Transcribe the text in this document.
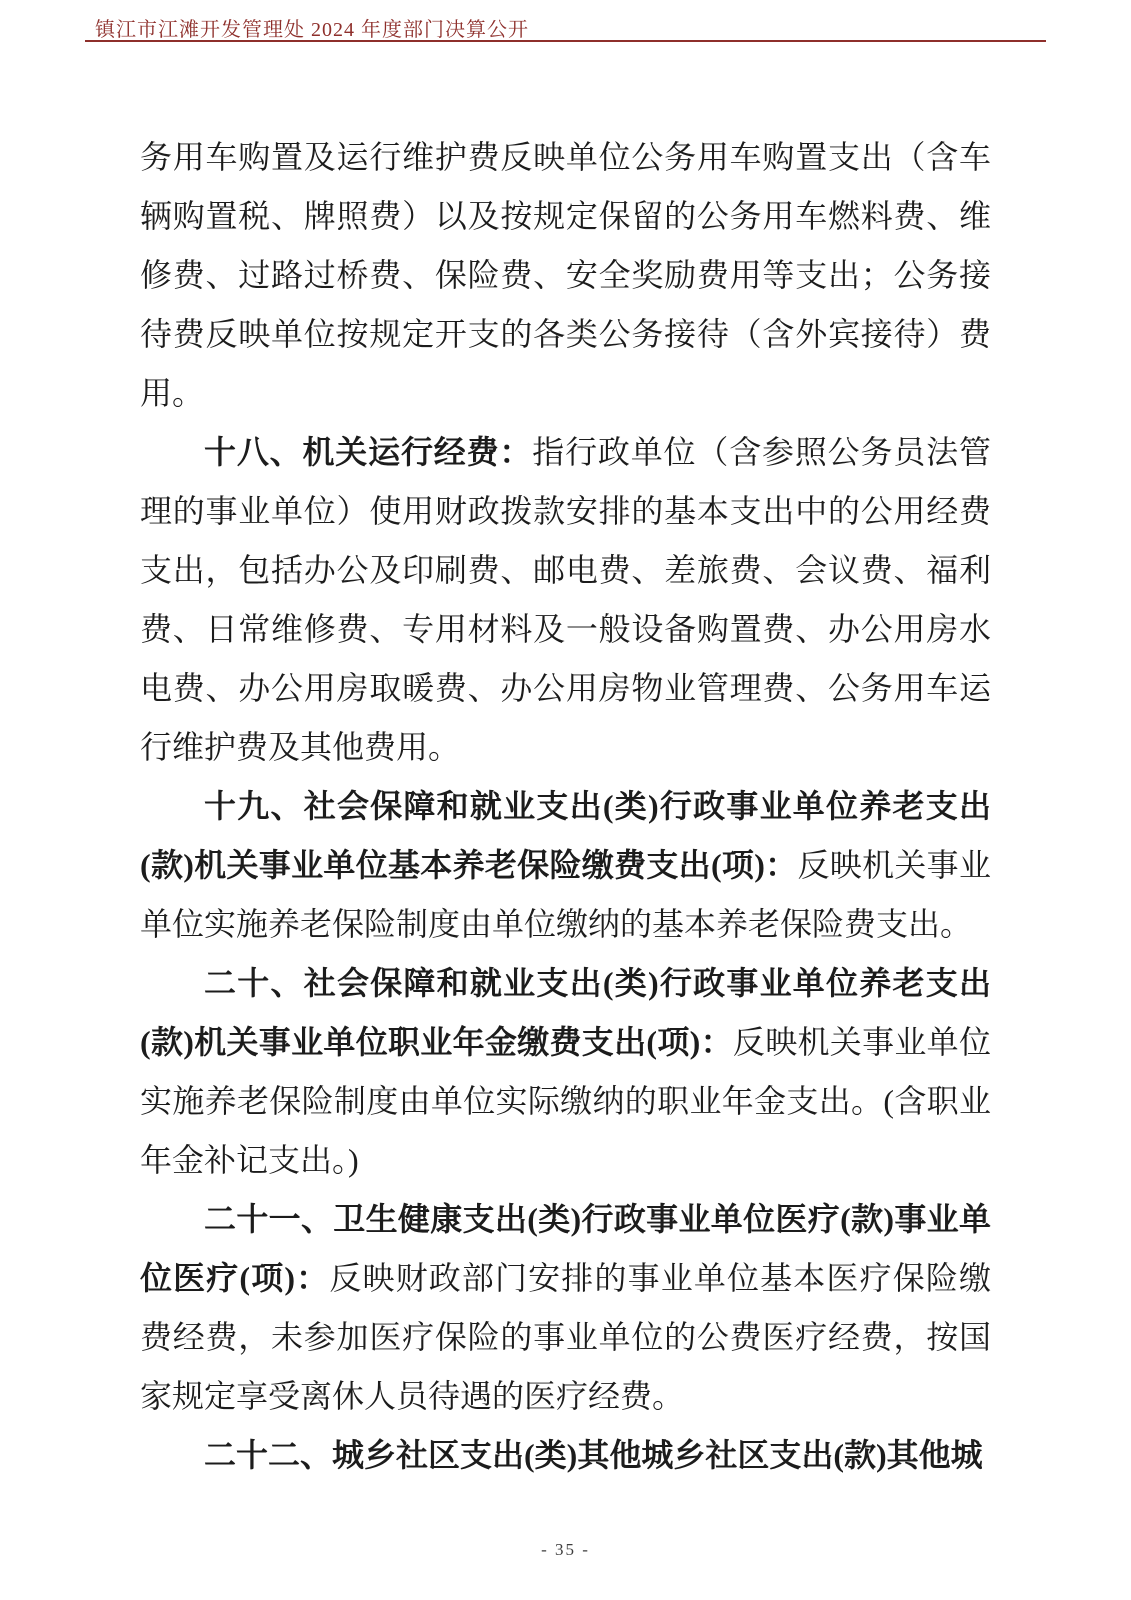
镇江市江滩开发管理处 2024 年度部门决算公开

务用车购置及运行维护费反映单位公务用车购置支出（含车辆购置税、牌照费）以及按规定保留的公务用车燃料费、维修费、过路过桥费、保险费、安全奖励费用等支出；公务接待费反映单位按规定开支的各类公务接待（含外宾接待）费用。

十八、机关运行经费：指行政单位（含参照公务员法管理的事业单位）使用财政拨款安排的基本支出中的公用经费支出，包括办公及印刷费、邮电费、差旅费、会议费、福利费、日常维修费、专用材料及一般设备购置费、办公用房水电费、办公用房取暖费、办公用房物业管理费、公务用车运行维护费及其他费用。

十九、社会保障和就业支出(类)行政事业单位养老支出(款)机关事业单位基本养老保险缴费支出(项)：反映机关事业单位实施养老保险制度由单位缴纳的基本养老保险费支出。

二十、社会保障和就业支出(类)行政事业单位养老支出(款)机关事业单位职业年金缴费支出(项)：反映机关事业单位实施养老保险制度由单位实际缴纳的职业年金支出。(含职业年金补记支出。)

二十一、卫生健康支出(类)行政事业单位医疗(款)事业单位医疗(项)：反映财政部门安排的事业单位基本医疗保险缴费经费，未参加医疗保险的事业单位的公费医疗经费，按国家规定享受离休人员待遇的医疗经费。

二十二、城乡社区支出(类)其他城乡社区支出(款)其他城

- 35 -
